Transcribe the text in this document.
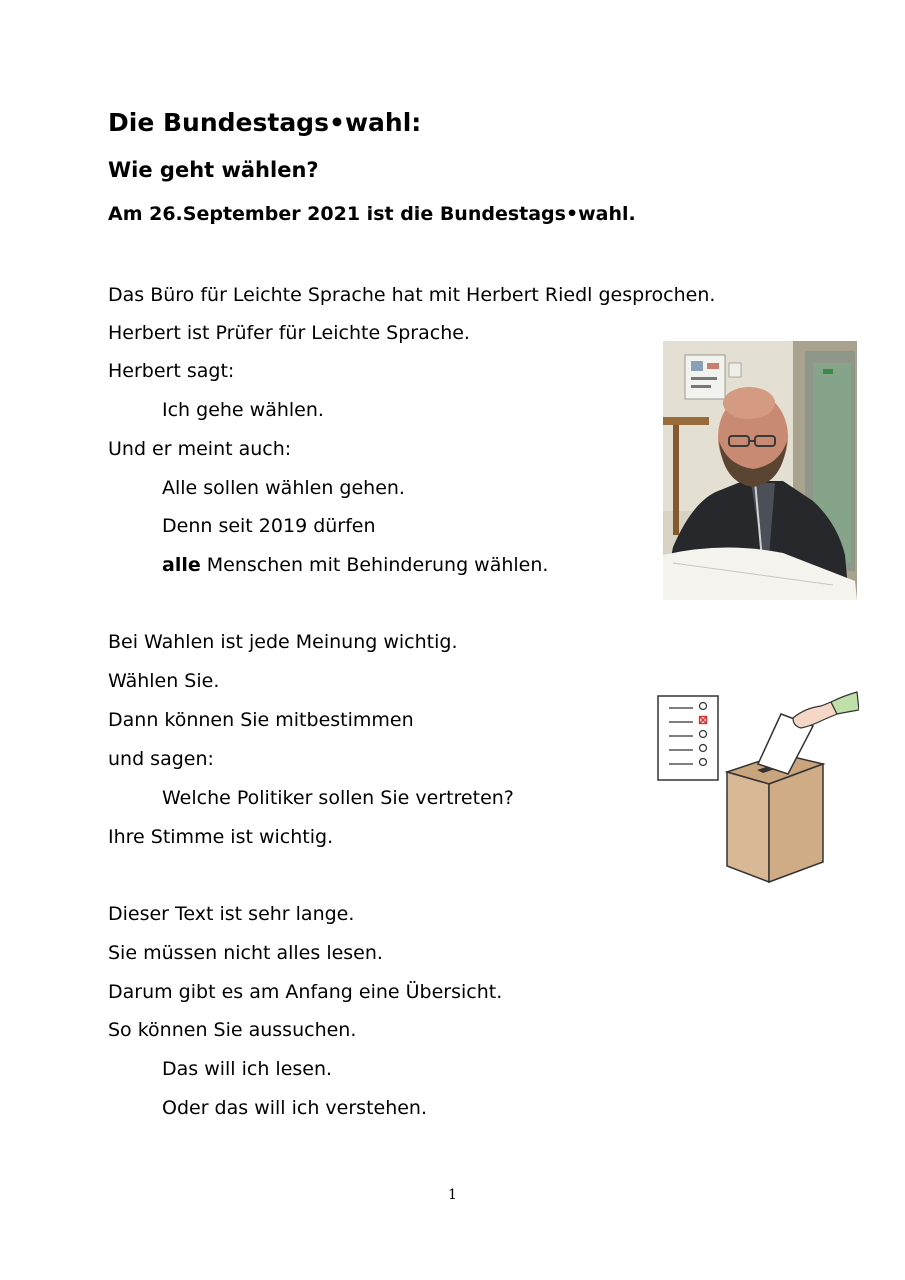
Die Bundestags•wahl:
Wie geht wählen?
Am 26.September 2021 ist die Bundestags•wahl.
Das Büro für Leichte Sprache hat mit Herbert Riedl gesprochen.
Herbert ist Prüfer für Leichte Sprache.
Herbert sagt:
Ich gehe wählen.
Und er meint auch:
Alle sollen wählen gehen.
Denn seit 2019 dürfen
alle Menschen mit Behinderung wählen.
Bei Wahlen ist jede Meinung wichtig.
Wählen Sie.
Dann können Sie mitbestimmen
und sagen:
Welche Politiker sollen Sie vertreten?
Ihre Stimme ist wichtig.
Dieser Text ist sehr lange.
Sie müssen nicht alles lesen.
Darum gibt es am Anfang eine Übersicht.
So können Sie aussuchen.
Das will ich lesen.
Oder das will ich verstehen.
1
